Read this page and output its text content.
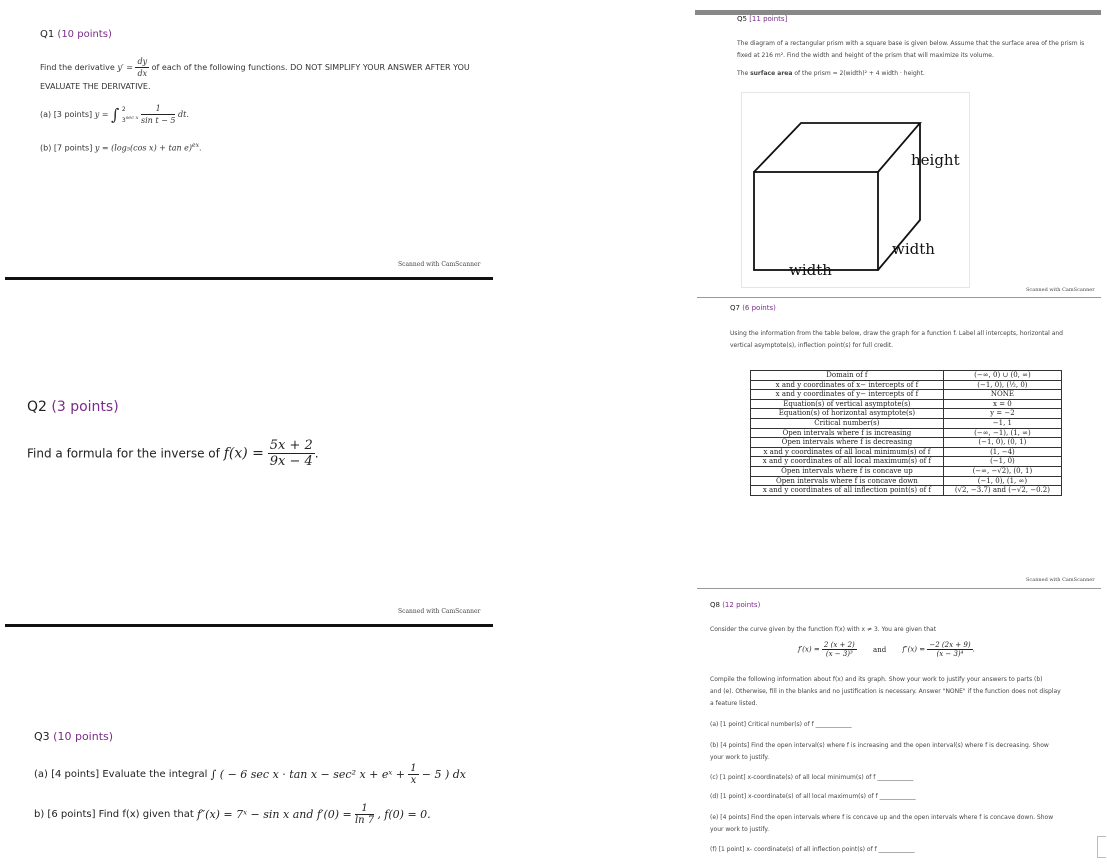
Q1 (10 points)
Find the derivative $y' = \frac{dy}{dx}$ of each of the following functions. DO NOT SIMPLIFY YOUR ANSWER AFTER YOU
EVALUATE THE DERIVATIVE.
(a) [3 points] y = ∫ 2
$3^{sec x}$
$\frac{1}{\text{sin t − 5}}$ dt.
(b) [7 points] y = (log₅(cos x) + tan e)$^{ex}$.
Scanned with CamScanner
Q2 (3 points)
Find a formula for the inverse of $f(x) = \frac{5x + 2}{9x - 4}$ .
Scanned with CamScanner
Q3 (10 points)
(a) [4 points] Evaluate the integral ∫ ( − 6 sec x · tan x − sec² x + eˣ + $\frac{1}{x} - 5$ ) dx
b) [6 points] Find f(x) given that f″(x) = 7ˣ − sin x and $f'(0) = \frac{1}{\ln 7}$ , f(0) = 0.
Q5 [11 points]
The diagram of a rectangular prism with a square base is given below. Assume that the surface area of the prism is
fixed at 216 m². Find the width and height of the prism that will maximize its volume.
The surface area of the prism = 2(width)² + 4 width · height.
height
width
width
Scanned with CamScanner
Q7 (6 points)
Using the information from the table below, draw the graph for a function f. Label all intercepts, horizontal and
vertical asymptote(s), inflection point(s) for full credit.
Domain of f	(−∞, 0) ∪ (0, ∞)
x and y coordinates of x− intercepts of f	(−1, 0), (½, 0)
x and y coordinates of y− intercepts of f	NONE
Equation(s) of vertical asymptote(s)	x = 0
Equation(s) of horizontal asymptote(s)	y = −2
Critical number(s)	−1, 1
Open intervals where f is increasing	(−∞, −1), (1, ∞)
Open intervals where f is decreasing	(−1, 0), (0, 1)
x and y coordinates of all local minimum(s) of f	(1, −4)
x and y coordinates of all local maximum(s) of f	(−1, 0)
Open intervals where f is concave up	(−∞, −√2), (0, 1)
Open intervals where f is concave down	(−1, 0), (1, ∞)
x and y coordinates of all inflection point(s) of f	(√2, −3.7) and (−√2, −0.2)
Scanned with CamScanner
Q8 (12 points)
Consider the curve given by the function f(x) with x ≠ 3. You are given that
$f'(x) = \frac{2 (x + 2)}{\text{(x − 3)³}}$ and $f''(x) = \frac{-2 (2x + 9)}{\text{(x − 3)⁴}}$ .
Compile the following information about f(x) and its graph. Show your work to justify your answers to parts (b)
and (e). Otherwise, fill in the blanks and no justification is necessary. Answer "NONE" if the function does not display
a feature listed.
(a) [1 point] Critical number(s) of f ____________
(b) [4 points] Find the open interval(s) where f is increasing and the open interval(s) where f is decreasing. Show
your work to justify.
(c) [1 point] x-coordinate(s) of all local minimum(s) of f ____________
(d) [1 point] x-coordinate(s) of all local maximum(s) of f ____________
(e) [4 points] Find the open intervals where f is concave up and the open intervals where f is concave down. Show
your work to justify.
(f) [1 point] x- coordinate(s) of all inflection point(s) of f ____________
